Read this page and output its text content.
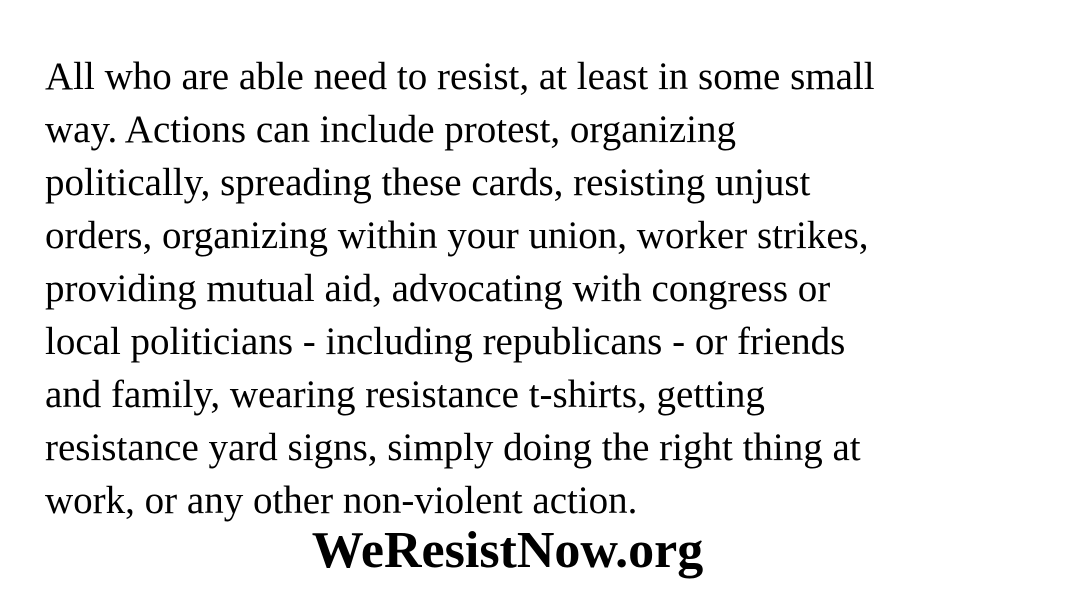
All who are able need to resist, at least in some small
way. Actions can include protest, organizing
politically, spreading these cards, resisting unjust
orders, organizing within your union, worker strikes,
providing mutual aid, advocating with congress or
local politicians - including republicans - or friends
and family, wearing resistance t-shirts, getting
resistance yard signs, simply doing the right thing at
work, or any other non-violent action.
WeResistNow.org
